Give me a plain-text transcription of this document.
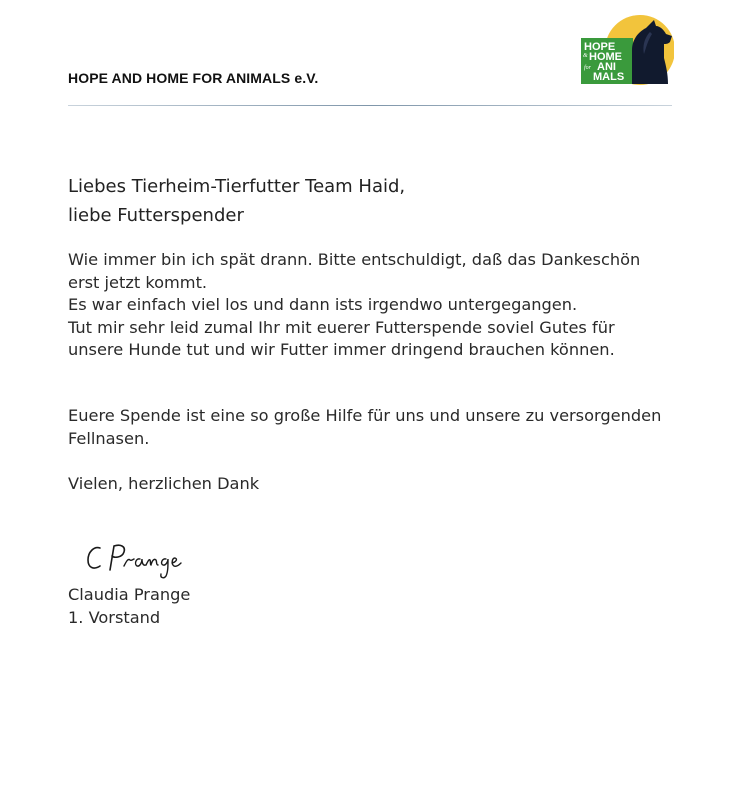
HOPE AND HOME FOR ANIMALS e.V.
HOPE
& HOME
for ANI
MALS
Liebes Tierheim-Tierfutter Team Haid,
liebe Futterspender
Wie immer bin ich spät drann. Bitte entschuldigt, daß das Dankeschön
erst jetzt kommt.
Es war einfach viel los und dann ists irgendwo untergegangen.
Tut mir sehr leid zumal Ihr mit euerer Futterspende soviel Gutes für
unsere Hunde tut und wir Futter immer dringend brauchen können.
Euere Spende ist eine so große Hilfe für uns und unsere zu versorgenden
Fellnasen.
Vielen, herzlichen Dank
Claudia Prange
1. Vorstand
